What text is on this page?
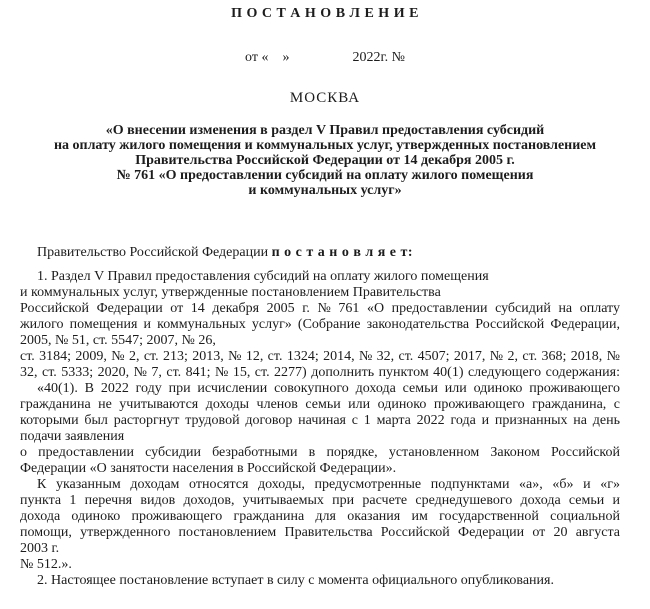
П О С Т А Н О В Л Е Н И Е
от «    »	2022г. №
МОСКВА
«О внесении изменения в раздел V Правил предоставления субсидий
на оплату жилого помещения и коммунальных услуг, утвержденных постановлением
Правительства Российской Федерации от 14 декабря 2005 г.
№ 761 «О предоставлении субсидий на оплату жилого помещения
и коммунальных услуг»
Правительство Российской Федерации п о с т а н о в л я е т:
1. Раздел V Правил предоставления субсидий на оплату жилого помещения
и коммунальных услуг, утвержденные постановлением Правительства
Российской Федерации от 14 декабря 2005 г. № 761 «О предоставлении субсидий на оплату
жилого помещения и коммунальных услуг» (Собрание законодательства Российской Федерации,
2005, № 51, ст. 5547; 2007, № 26,
ст. 3184; 2009, № 2, ст. 213; 2013, № 12, ст. 1324; 2014, № 32, ст. 4507; 2017, № 2, ст. 368; 2018, №
32, ст. 5333; 2020, № 7, ст. 841; № 15, ст. 2277) дополнить пунктом 40(1) следующего содержания:
«40(1). В 2022 году при исчислении совокупного дохода семьи или одиноко проживающего
гражданина не учитываются доходы членов семьи или одиноко проживающего гражданина, с
которыми был расторгнут трудовой договор начиная с 1 марта 2022 года и признанных на день
подачи заявления
о предоставлении субсидии безработными в порядке, установленном Законом Российской
Федерации «О занятости населения в Российской Федерации».
К указанным доходам относятся доходы, предусмотренные подпунктами «а», «б» и «г»
пункта 1 перечня видов доходов, учитываемых при расчете среднедушевого дохода семьи и
дохода одиноко проживающего гражданина для оказания им государственной социальной
помощи, утвержденного постановлением Правительства Российской Федерации от 20 августа
2003 г.
№ 512.».
2. Настоящее постановление вступает в силу с момента официального опубликования.
